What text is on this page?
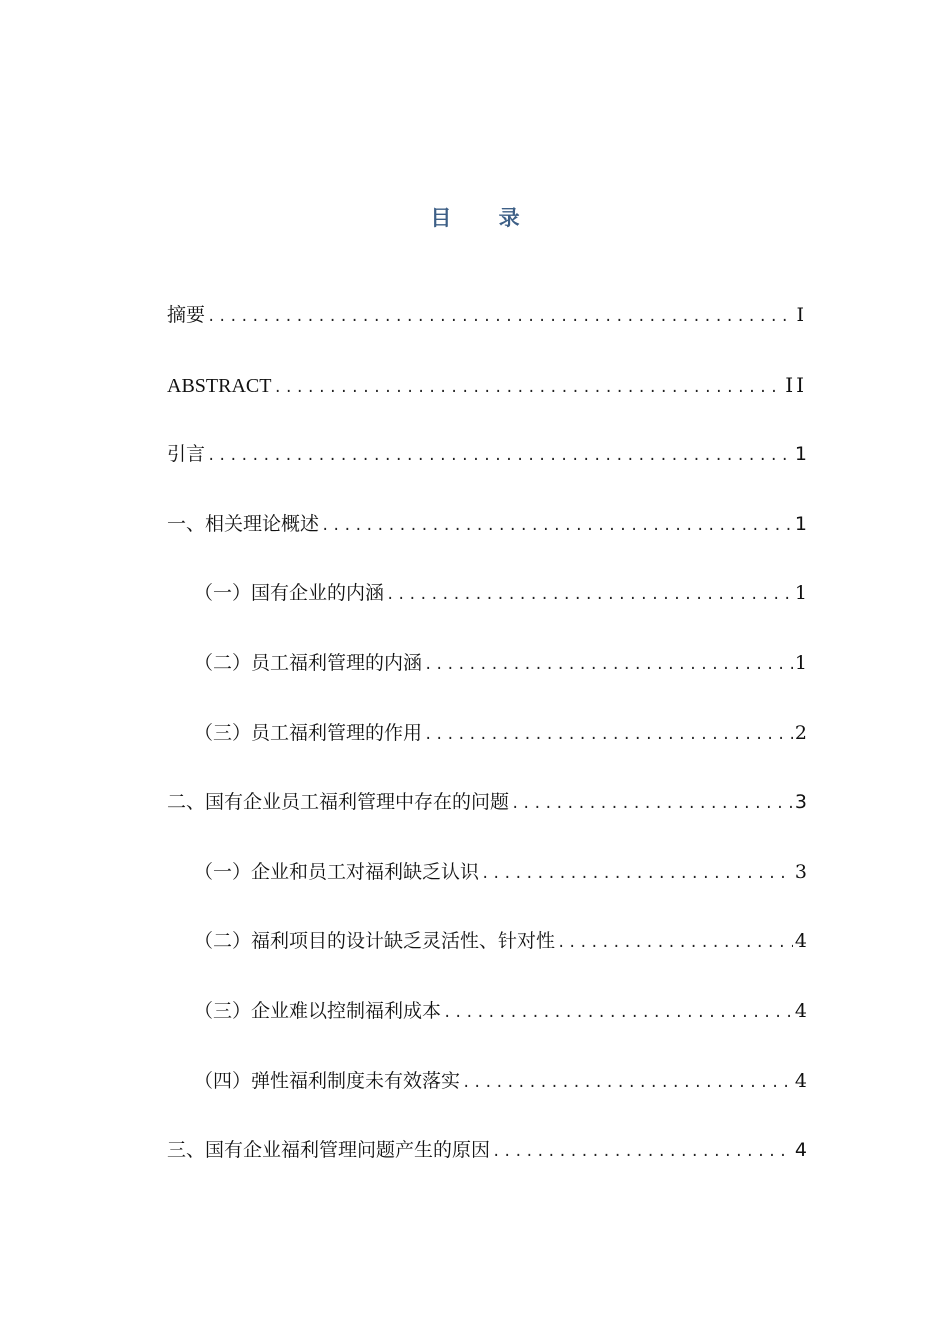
目 录
摘要 .....	I
ABSTRACT .....	II
引言 .....	1
一、相关理论概述 .....	1
（一）国有企业的内涵 .....	1
（二）员工福利管理的内涵 .....	1
（三）员工福利管理的作用 .....	2
二、国有企业员工福利管理中存在的问题 .....	3
（一）企业和员工对福利缺乏认识 .....	3
（二）福利项目的设计缺乏灵活性、针对性 .....	4
（三）企业难以控制福利成本 .....	4
（四）弹性福利制度未有效落实 .....	4
三、国有企业福利管理问题产生的原因 .....	4
